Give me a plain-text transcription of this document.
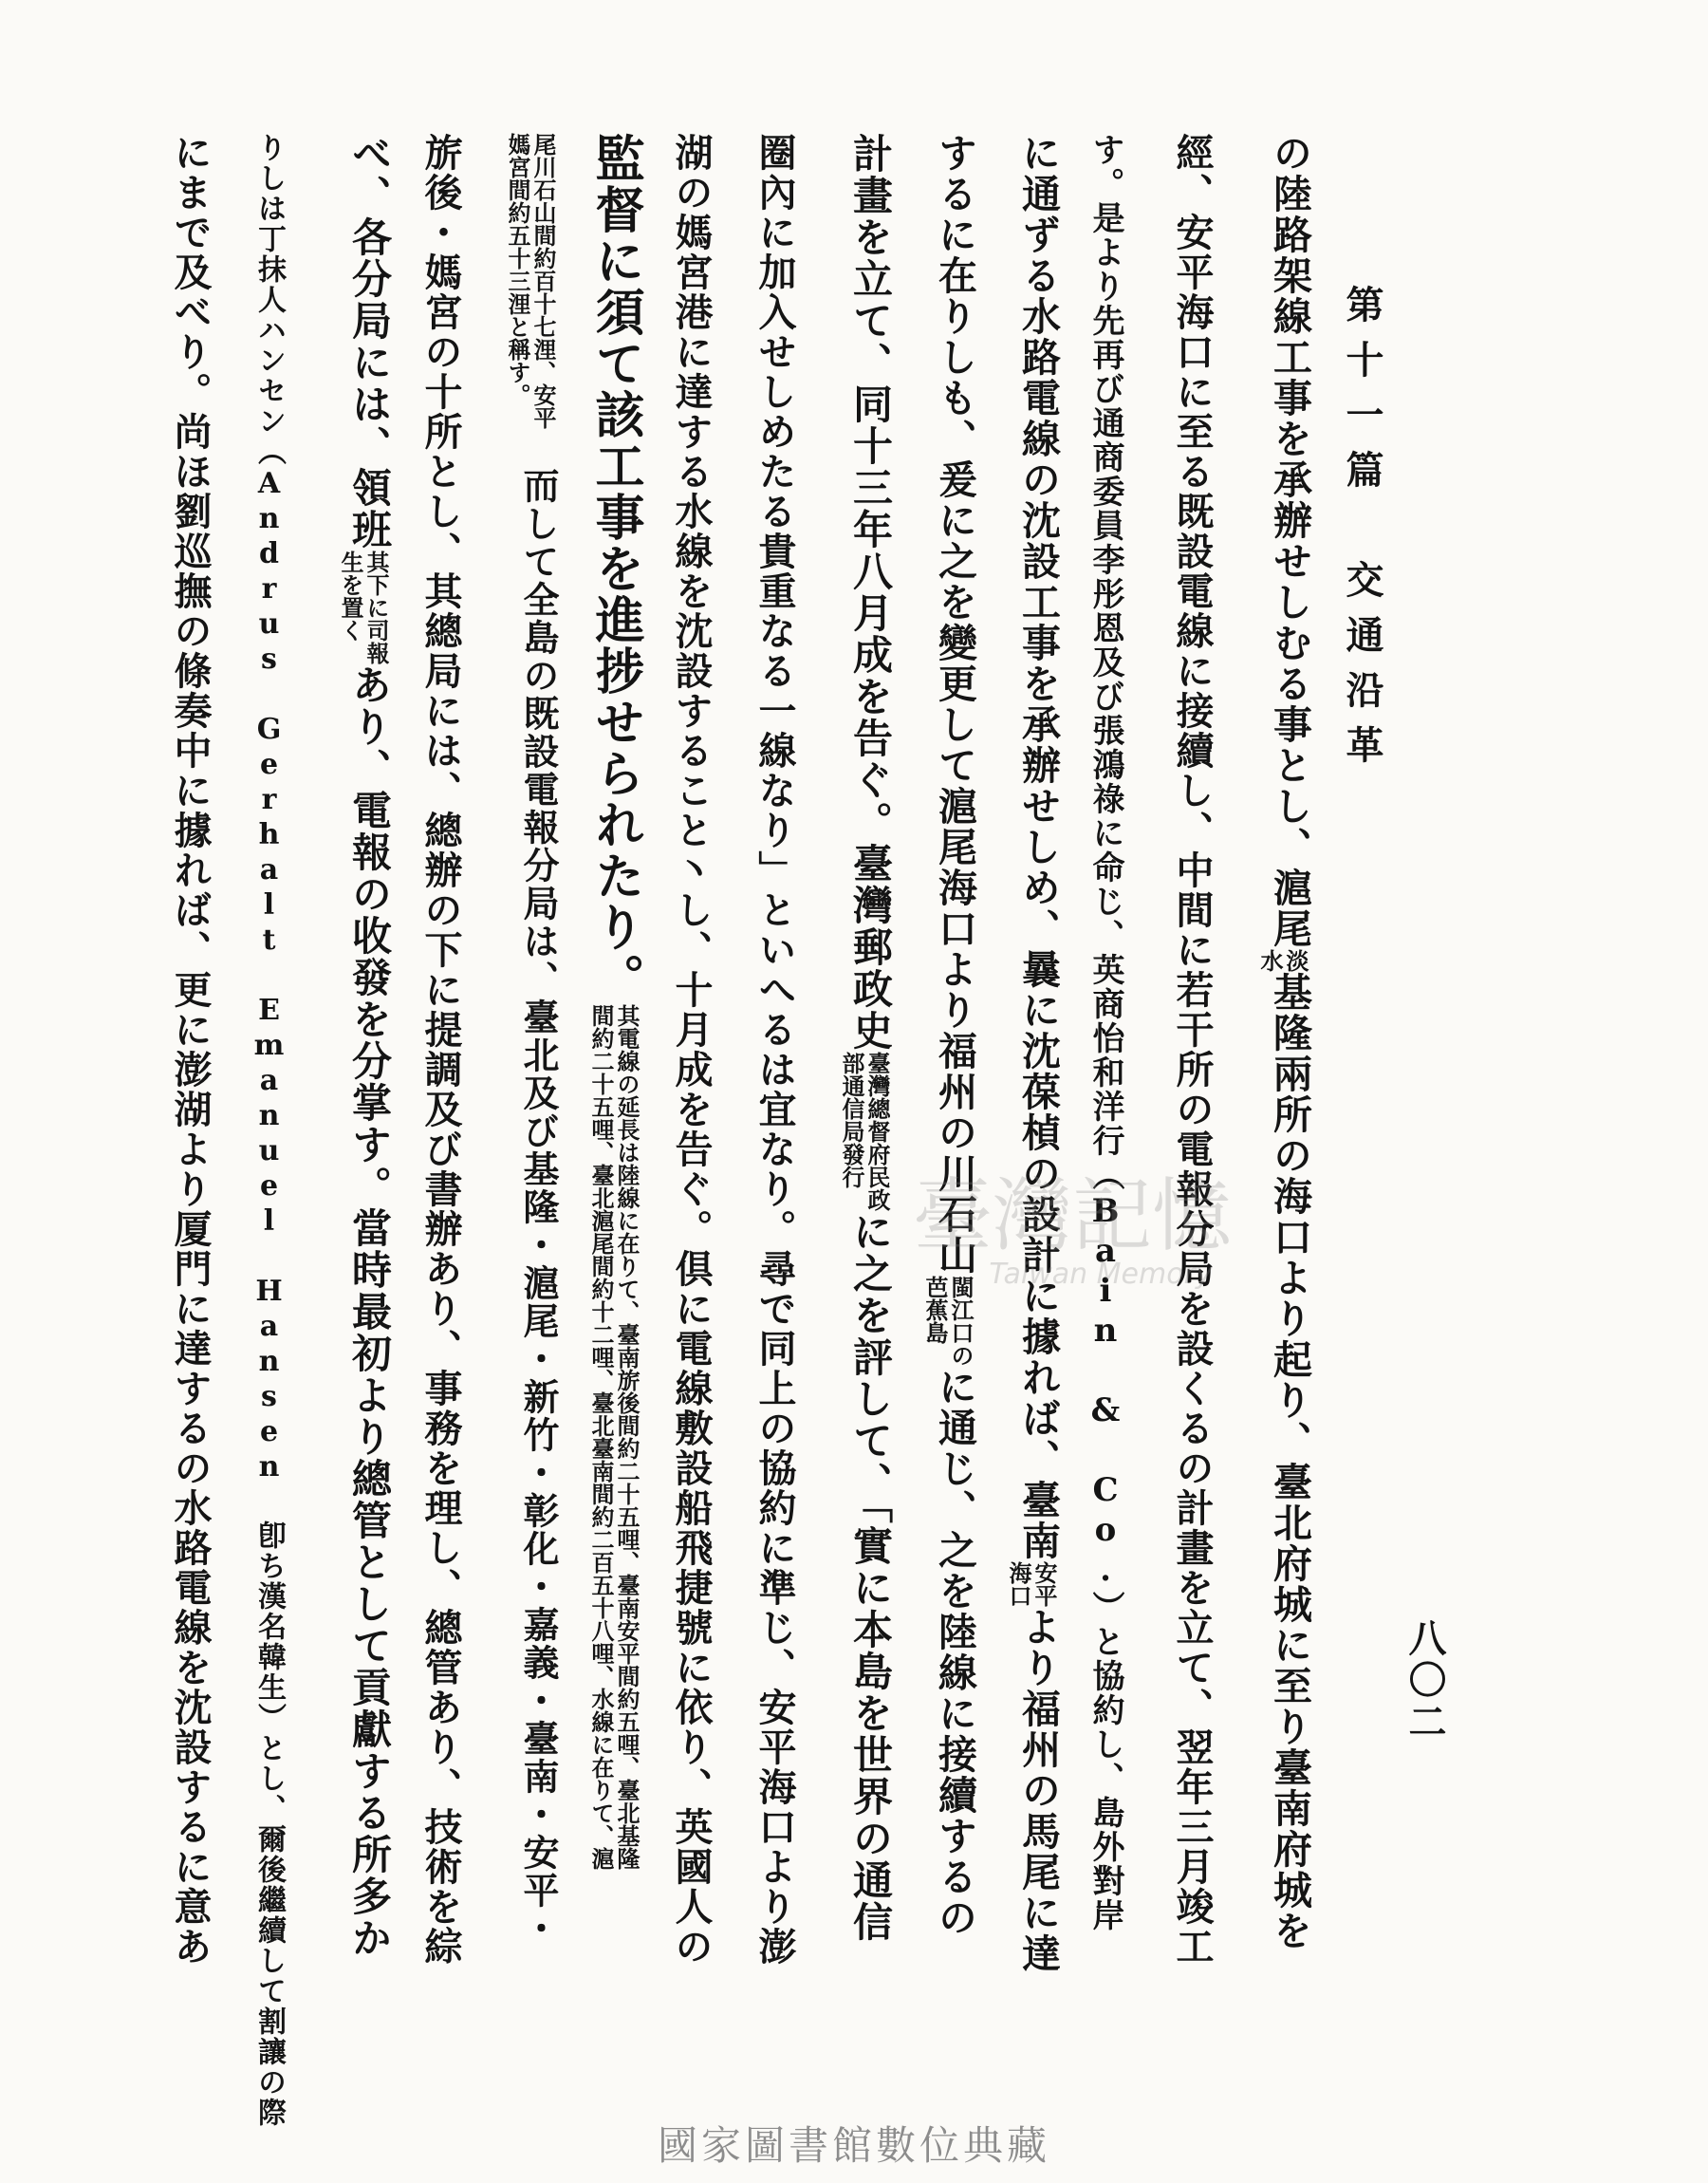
第十一篇　交通沿革
八〇二
の陸路架線工事を承辦せしむる事とし、滬尾淡
水基隆兩所の海口より起り、臺北府城に至り臺南府城を
經、安平海口に至る既設電線に接續し、中間に若干所の電報分局を設くるの計畫を立て、翌年三月竣工
す。是より先再び通商委員李彤恩及び張鴻祿に命じ、英商怡和洋行（Bain & Co.）と協約し、島外對岸
に通ずる水路電線の沈設工事を承辦せしめ、曩に沈葆楨の設計に據れば、臺南安平
海口より福州の馬尾に達
するに在りしも、爰に之を變更して滬尾海口より福州の川石山閩江口の
芭蕉島に通じ、之を陸線に接續するの
計畫を立て、同十三年八月成を告ぐ。臺灣郵政史臺灣總督府民政
部通信局發行に之を評して、「實に本島を世界の通信
圈內に加入せしめたる貴重なる一線なり」といへるは宜なり。尋で同上の協約に準じ、安平海口より澎
湖の媽宮港に達する水線を沈設すること丶し、十月成を告ぐ。倶に電線敷設船飛捷號に依り、英國人の
監督に須て該工事を進捗せられたり。其電線の延長は陸線に在りて、臺南旂後間約二十五哩、臺南安平間約五哩、臺北基隆
間約二十五哩、臺北滬尾間約十二哩、臺北臺南間約二百五十八哩、水線に在りて、滬
尾川石山間約百十七浬、安平
媽宮間約五十三浬と稱す。　而して全島の既設電報分局は、臺北及び基隆・滬尾・新竹・彰化・嘉義・臺南・安平・
旂後・媽宮の十所とし、其總局には、總辦の下に提調及び書辦あり、事務を理し、總管あり、技術を綜
べ、各分局には、領班其下に司報
生を置くあり、電報の收發を分掌す。當時最初より總管として貢獻する所多か
りしは丁抹人ハンセン（Andrus Gerhalt Emanuel Hansen 卽ち漢名韓生）とし、爾後繼續して割讓の際
にまで及べり。尚ほ劉巡撫の條奏中に據れば、更に澎湖より厦門に達するの水路電線を沈設するに意あ	臺灣記憶
Taiwan Memory
國家圖書館數位典藏
